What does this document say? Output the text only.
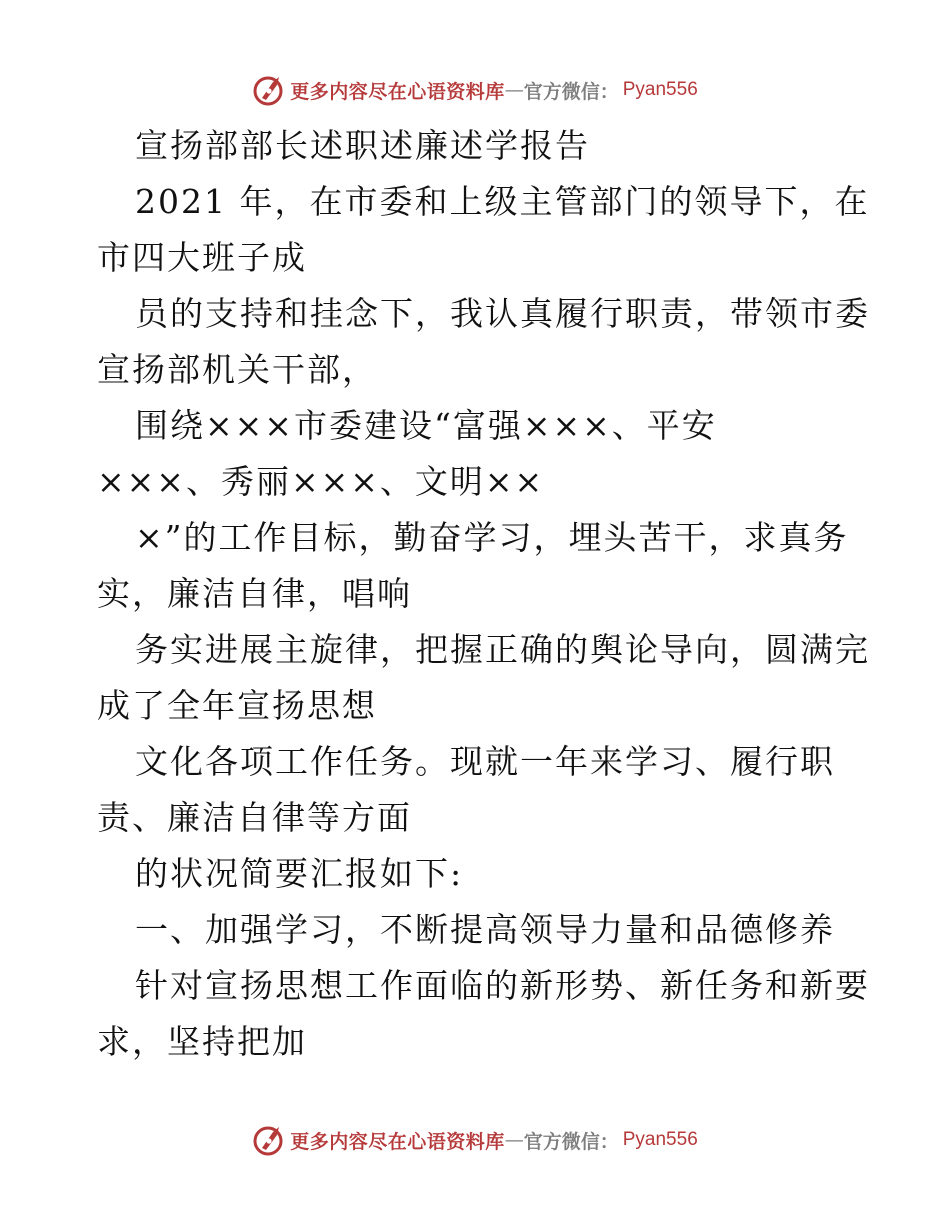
更多内容尽在心语资料库 — 官方微信： Pyan556
宣扬部部长述职述廉述学报告
2021 年，在市委和上级主管部门的领导下，在
市四大班子成
员的支持和挂念下，我认真履行职责，带领市委
宣扬部机关干部，
围绕×××市委建设“富强×××、平安
×××、秀丽×××、文明××
×”的工作目标，勤奋学习，埋头苦干，求真务
实，廉洁自律，唱响
务实进展主旋律，把握正确的舆论导向，圆满完
成了全年宣扬思想
文化各项工作任务。现就一年来学习、履行职
责、廉洁自律等方面
的状况简要汇报如下:
一、加强学习，不断提高领导力量和品德修养
针对宣扬思想工作面临的新形势、新任务和新要
求，坚持把加
更多内容尽在心语资料库 — 官方微信： Pyan556
